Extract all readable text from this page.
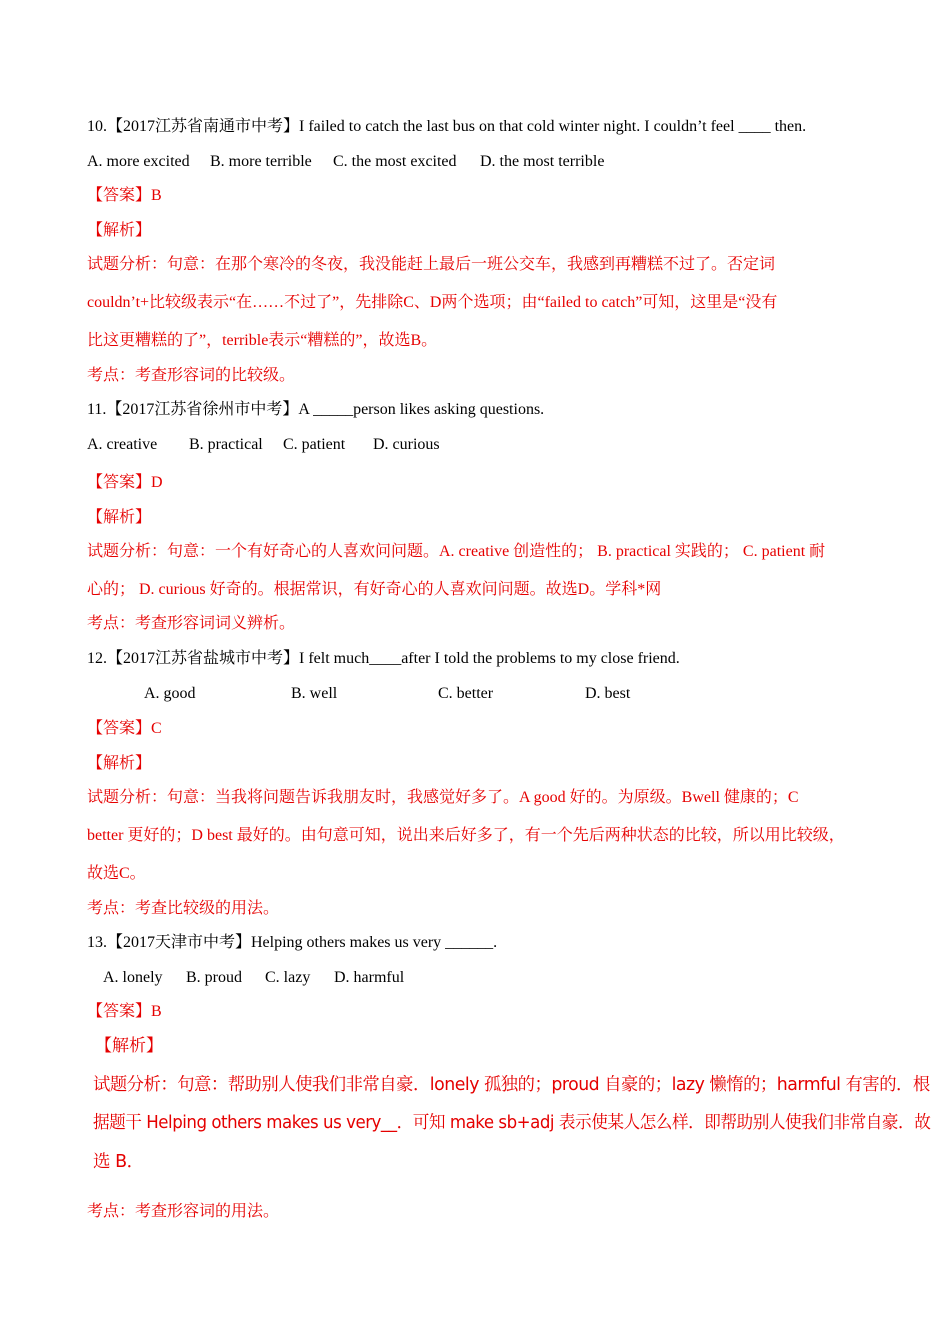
10.【2017江苏省南通市中考】I failed to catch the last bus on that cold winter night. I couldn’t feel ____ then.
A. more excited B. more terrible C. the most excited D. the most terrible
【答案】B
【解析】
试题分析：句意：在那个寒冷的冬夜，我没能赶上最后一班公交车，我感到再糟糕不过了。否定词
couldn’t+比较级表示“在……不过了”，先排除C、D两个选项；由“failed to catch”可知，这里是“没有
比这更糟糕的了”，terrible表示“糟糕的”，故选B。
考点：考查形容词的比较级。
11.【2017江苏省徐州市中考】A _____person likes asking questions.
A. creative B. practical C. patient D. curious
【答案】D
【解析】
试题分析：句意：一个有好奇心的人喜欢问问题。A. creative 创造性的； B. practical 实践的； C. patient 耐
心的； D. curious 好奇的。根据常识，有好奇心的人喜欢问问题。故选D。学科*网
考点：考查形容词词义辨析。
12.【2017江苏省盐城市中考】I felt much____after I told the problems to my close friend.
A. good	B. well	C. better	D. best
【答案】C
【解析】
试题分析：句意：当我将问题告诉我朋友时，我感觉好多了。A good 好的。为原级。Bwell 健康的；C
better 更好的；D best 最好的。由句意可知，说出来后好多了，有一个先后两种状态的比较，所以用比较级，
故选C。
考点：考查比较级的用法。
13.【2017天津市中考】Helping others makes us very ______.
A. lonely B. proud C. lazy D. harmful
【答案】B
【解析】
试题分析：句意：帮助别人使我们非常自豪．lonely 孤独的；proud 自豪的；lazy 懒惰的；harmful 有害的．根
据题干 Helping others makes us very__．可知 make sb+adj 表示使某人怎么样．即帮助别人使我们非常自豪．故
选 B．
考点：考查形容词的用法。
